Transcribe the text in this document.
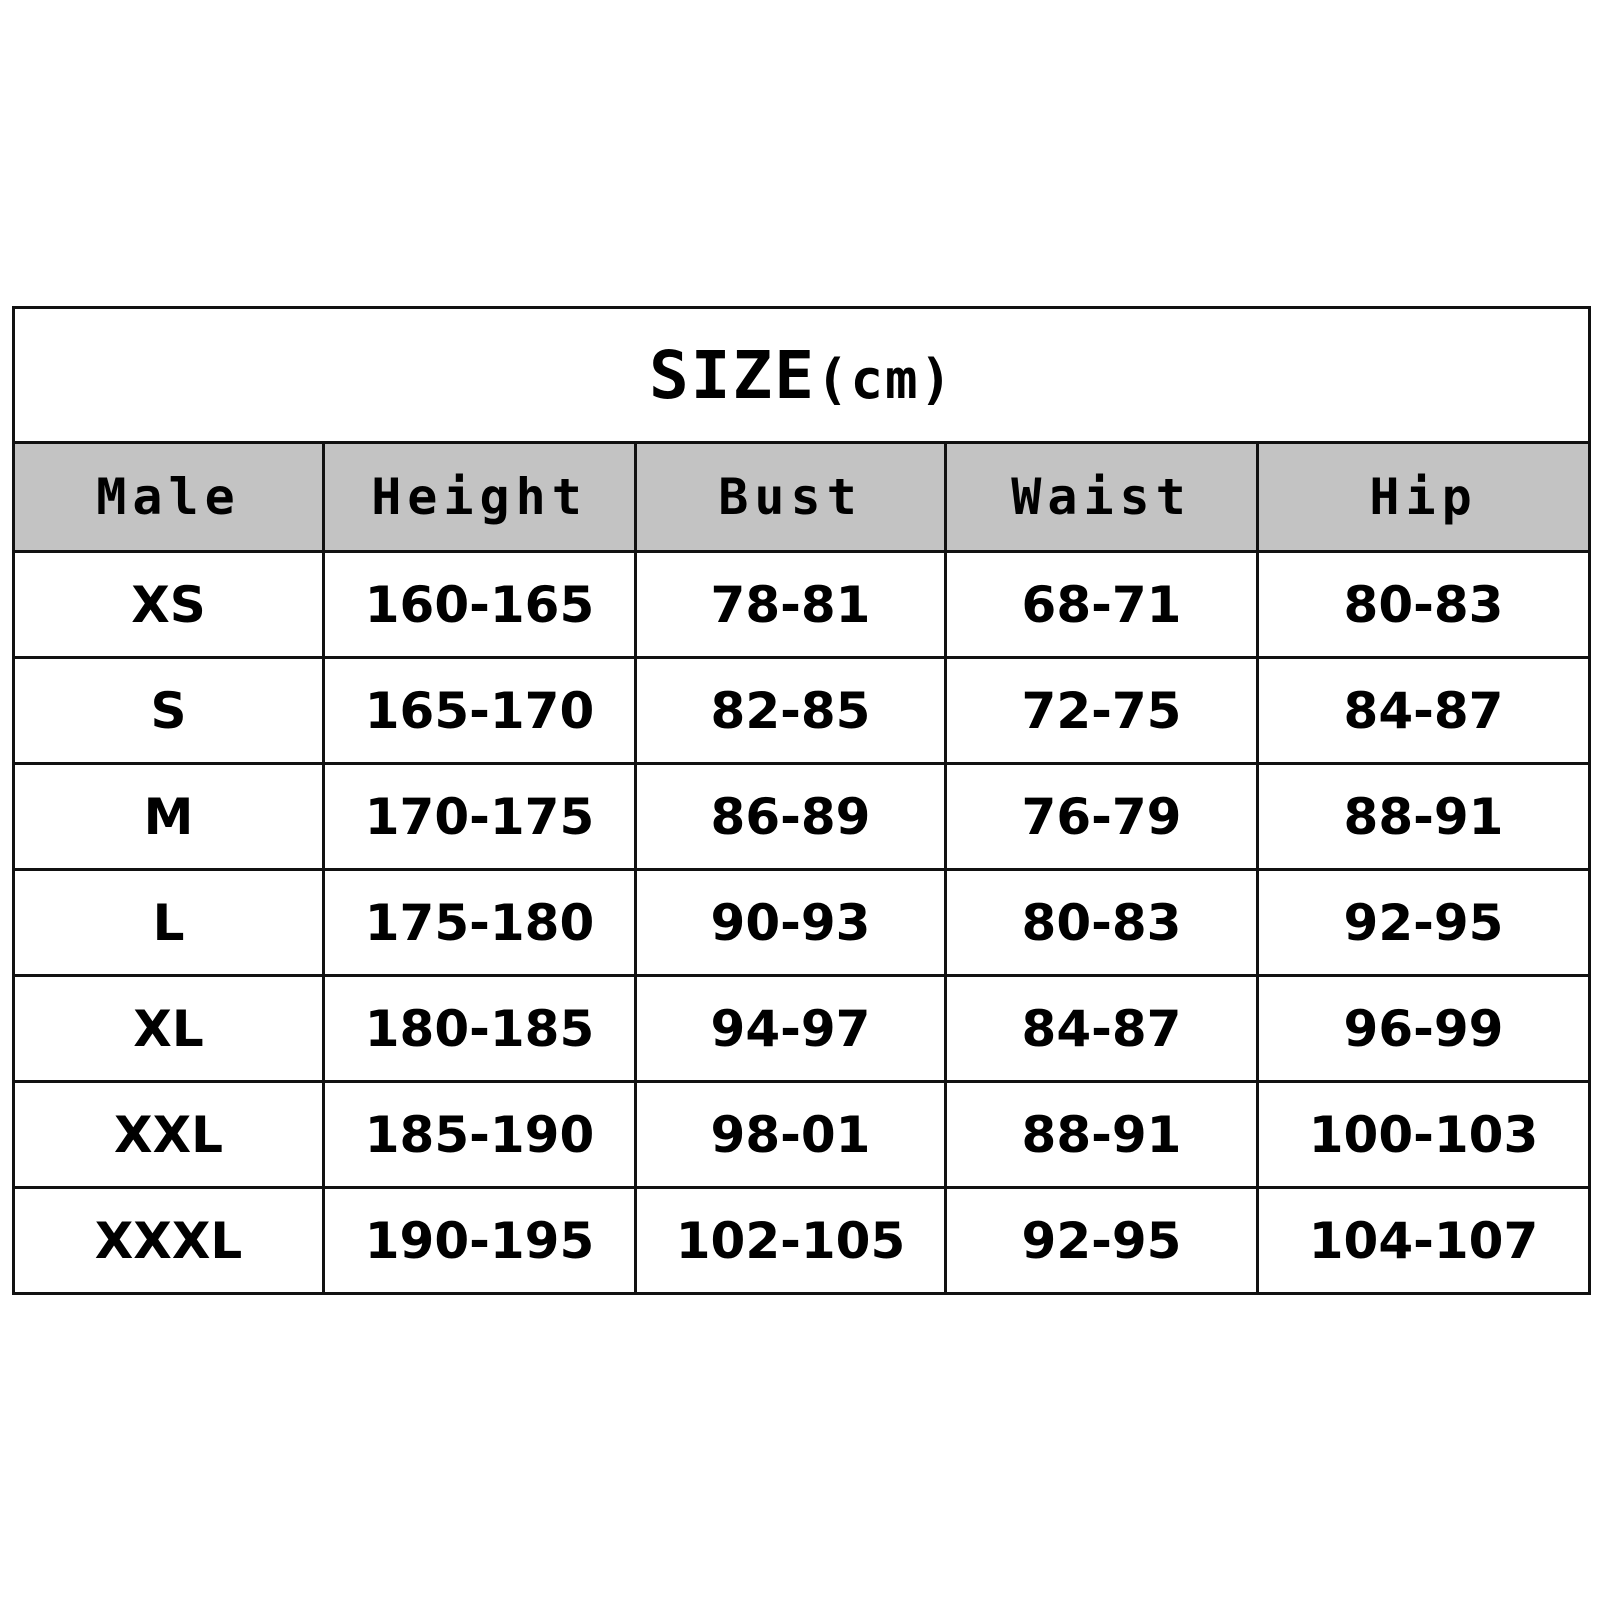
SIZE(cm)				
Male	Height	Bust	Waist	Hip
XS	160-165	78-81	68-71	80-83
S	165-170	82-85	72-75	84-87
M	170-175	86-89	76-79	88-91
L	175-180	90-93	80-83	92-95
XL	180-185	94-97	84-87	96-99
XXL	185-190	98-01	88-91	100-103
XXXL	190-195	102-105	92-95	104-107
